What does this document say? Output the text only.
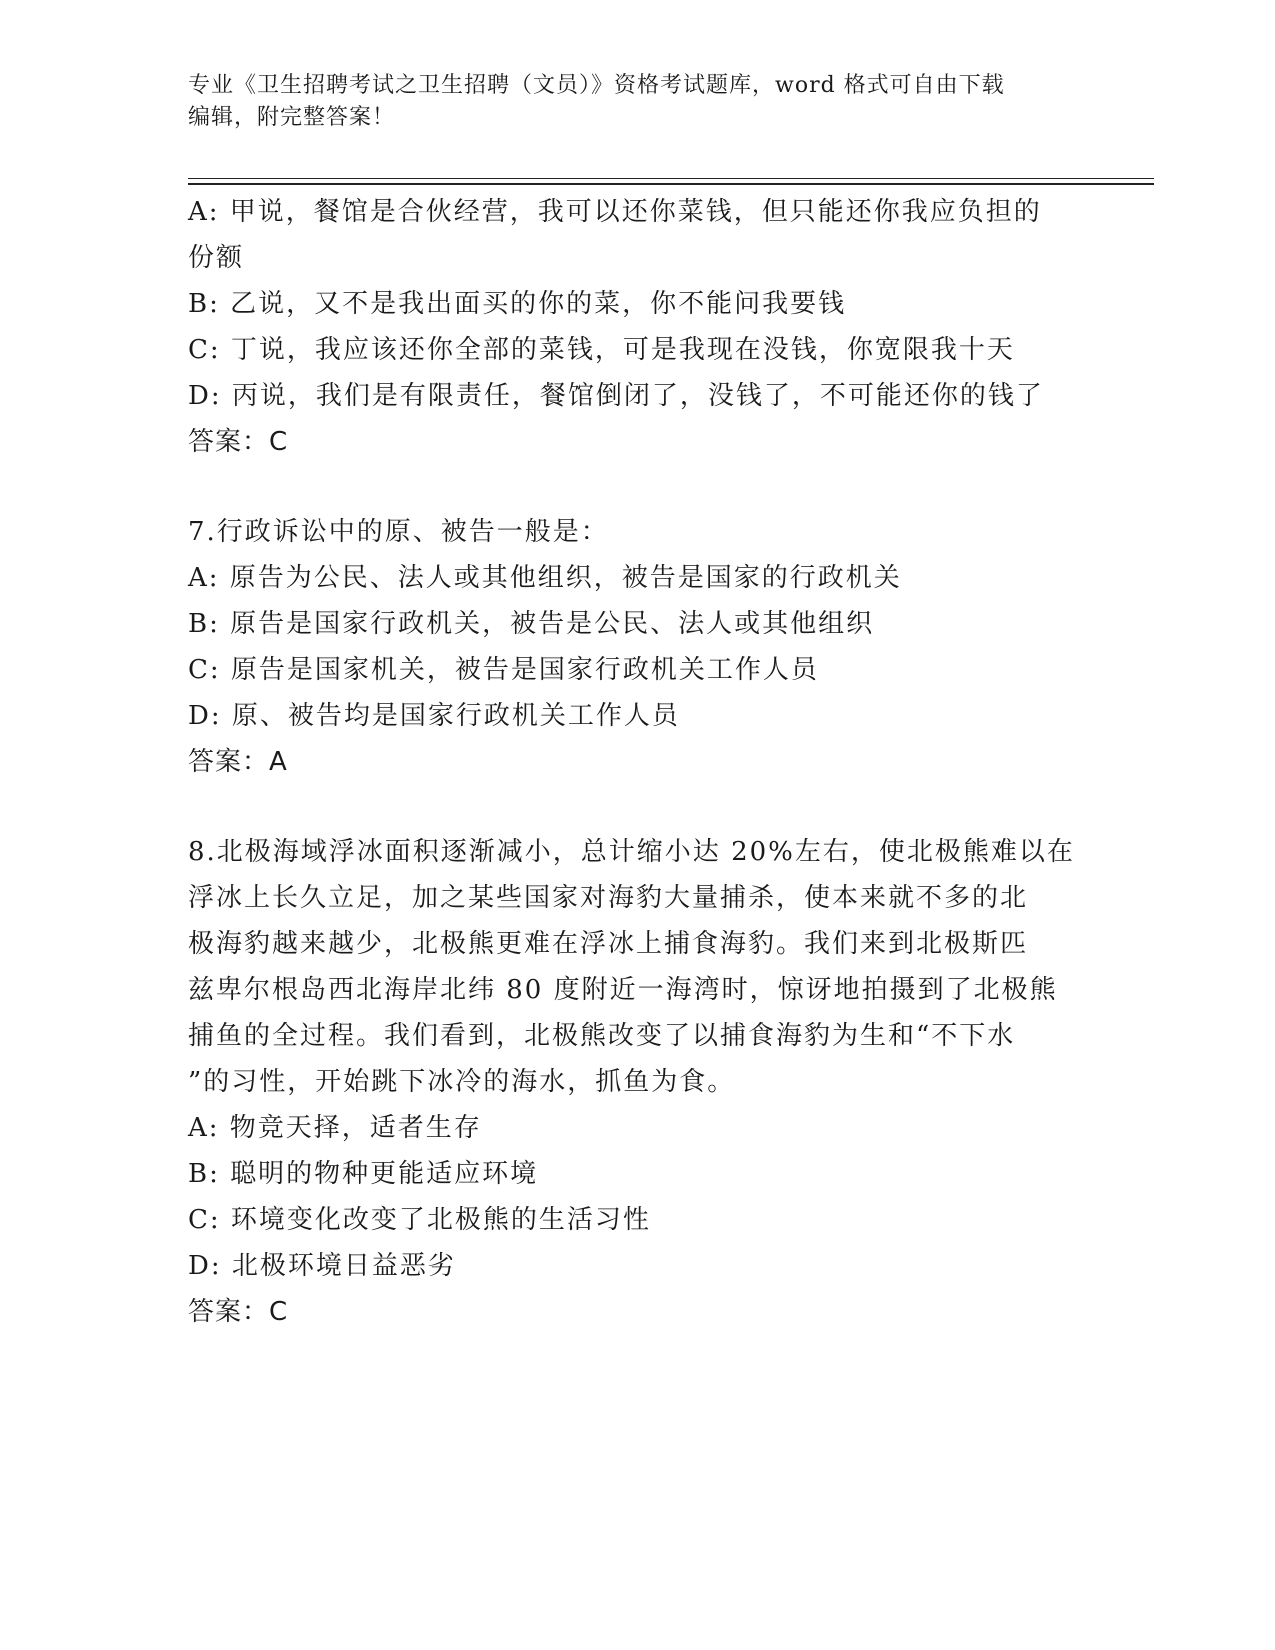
专业《卫生招聘考试之卫生招聘（文员）》资格考试题库，word 格式可自由下载
编辑，附完整答案！
A: 甲说，餐馆是合伙经营，我可以还你菜钱，但只能还你我应负担的
份额
B: 乙说，又不是我出面买的你的菜，你不能问我要钱
C: 丁说，我应该还你全部的菜钱，可是我现在没钱，你宽限我十天
D: 丙说，我们是有限责任，餐馆倒闭了，没钱了，不可能还你的钱了
答案：C
7.行政诉讼中的原、被告一般是：
A: 原告为公民、法人或其他组织，被告是国家的行政机关
B: 原告是国家行政机关，被告是公民、法人或其他组织
C: 原告是国家机关，被告是国家行政机关工作人员
D: 原、被告均是国家行政机关工作人员
答案：A
8.北极海域浮冰面积逐渐减小，总计缩小达 20%左右，使北极熊难以在
浮冰上长久立足，加之某些国家对海豹大量捕杀，使本来就不多的北
极海豹越来越少，北极熊更难在浮冰上捕食海豹。我们来到北极斯匹
兹卑尔根岛西北海岸北纬 80 度附近一海湾时，惊讶地拍摄到了北极熊
捕鱼的全过程。我们看到，北极熊改变了以捕食海豹为生和“不下水
”的习性，开始跳下冰冷的海水，抓鱼为食。
A: 物竞天择，适者生存
B: 聪明的物种更能适应环境
C: 环境变化改变了北极熊的生活习性
D: 北极环境日益恶劣
答案：C
